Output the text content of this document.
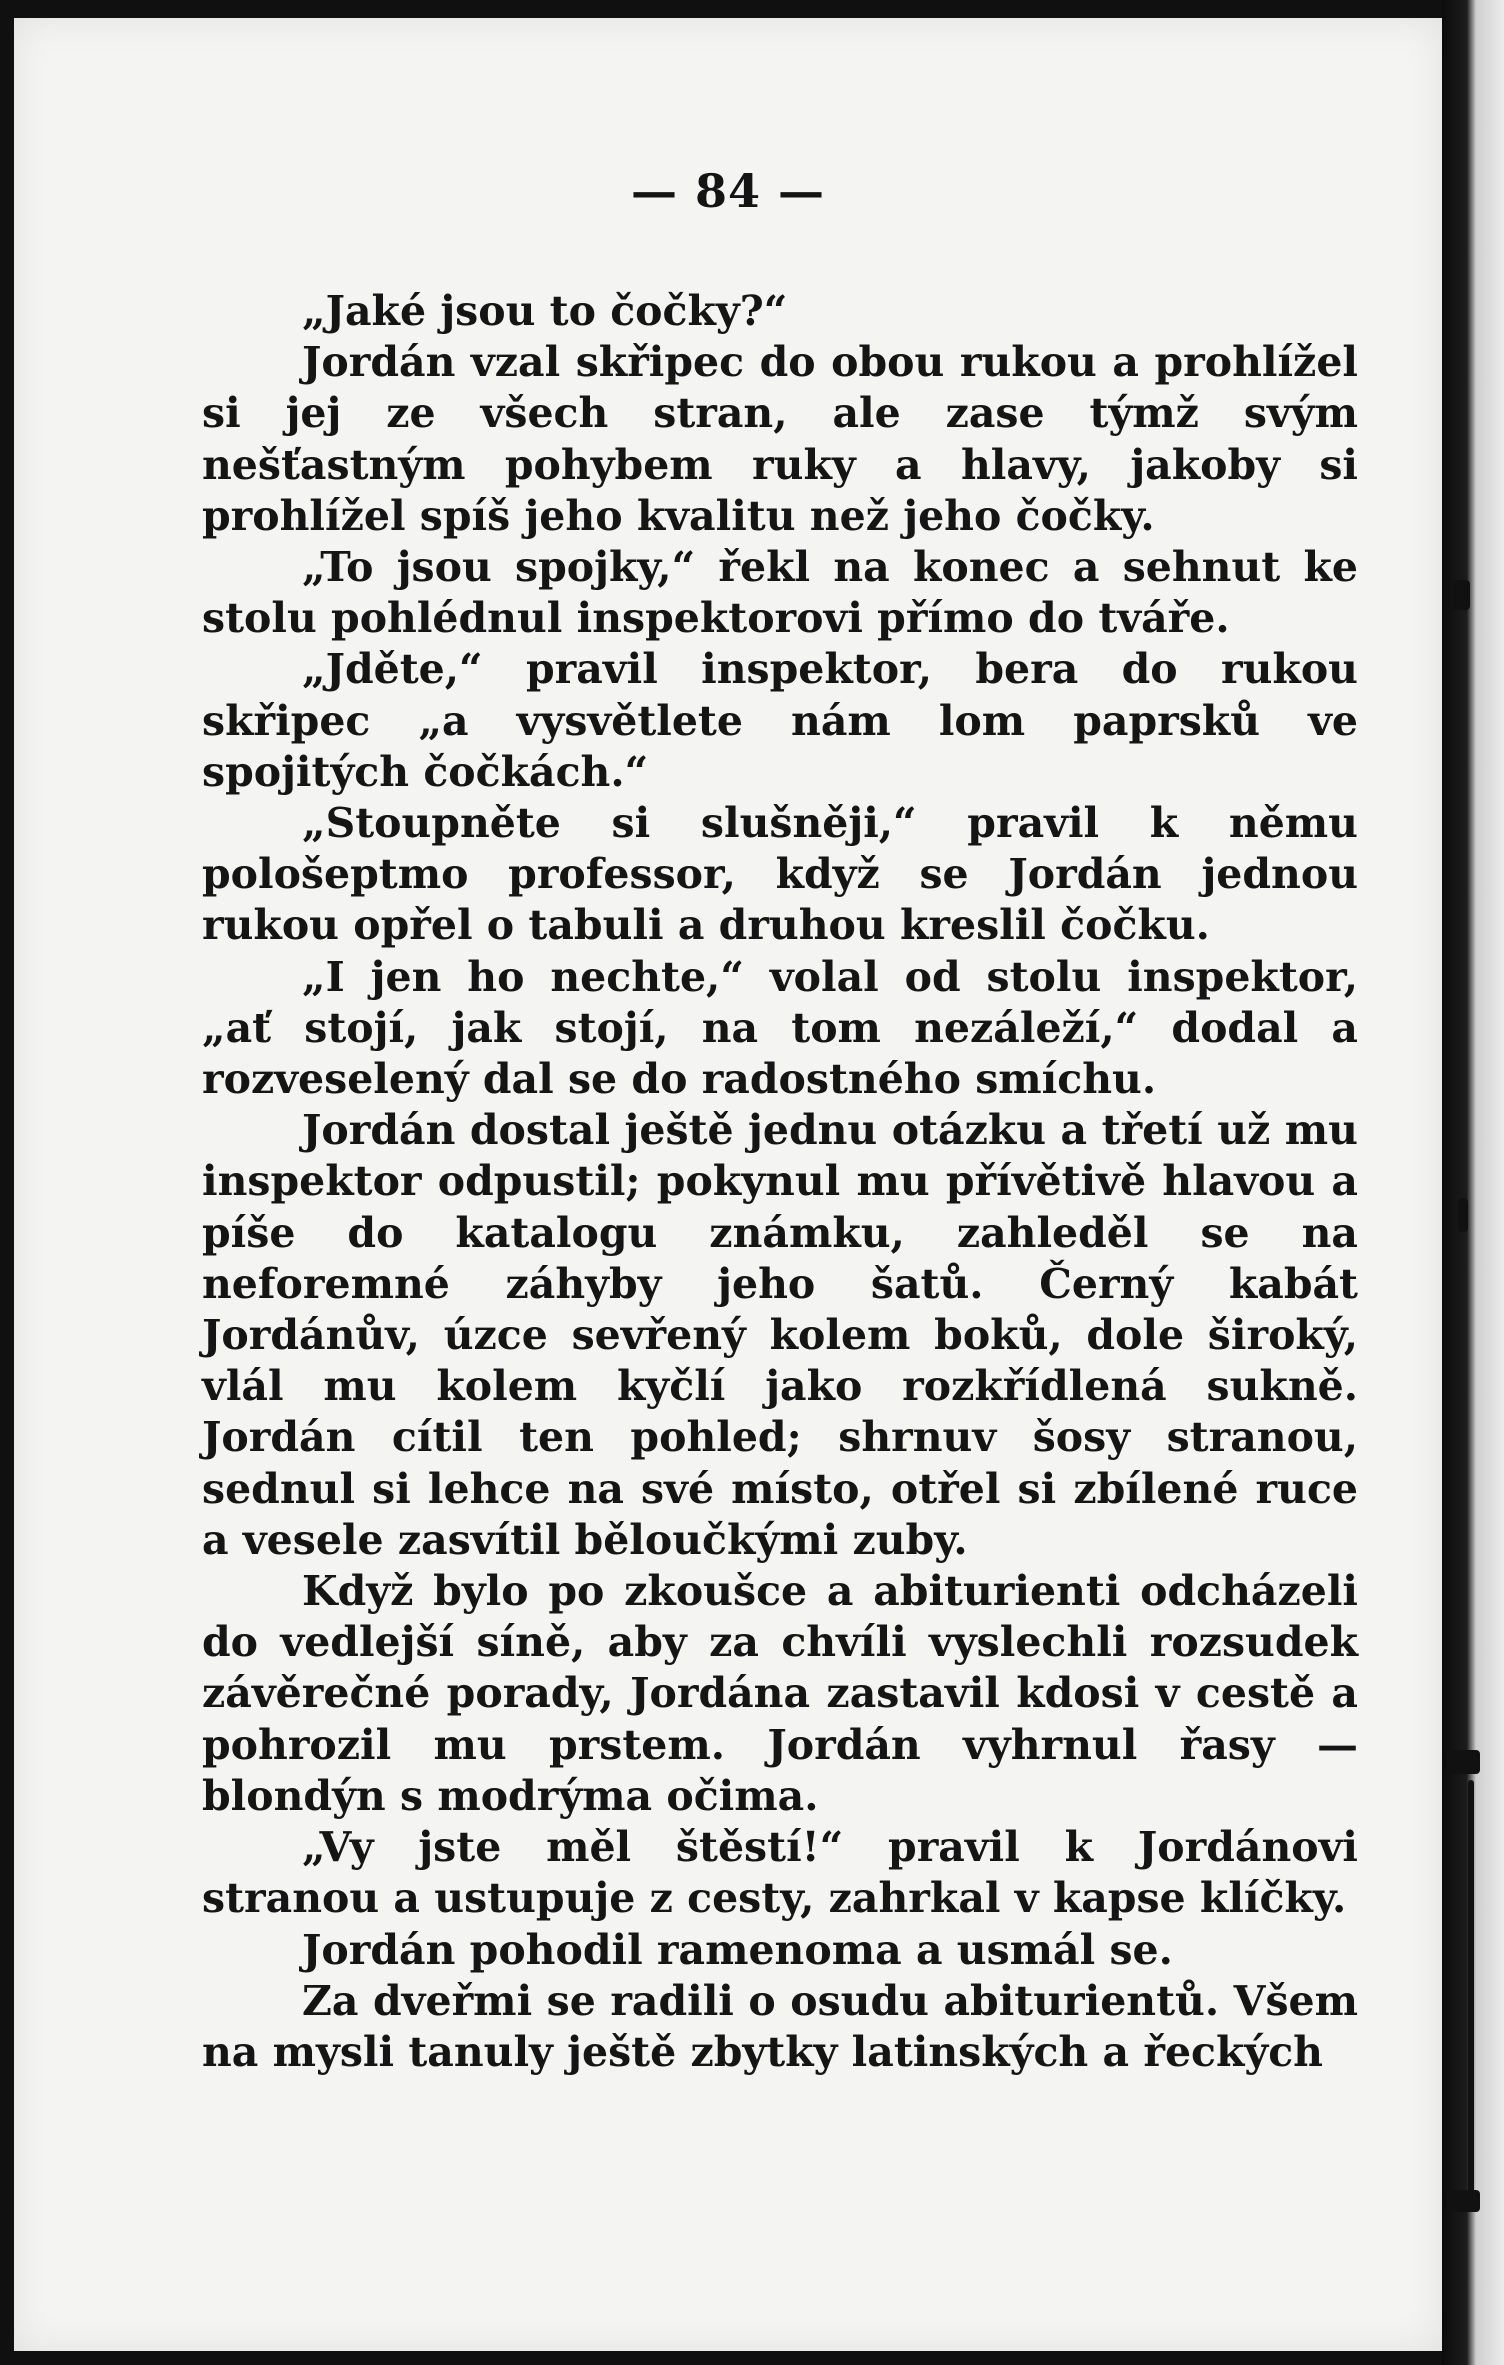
— 84 —

„Jaké jsou to čočky?“

Jordán vzal skřipec do obou rukou a prohlížel si jej ze všech stran, ale zase týmž svým nešťastným pohybem ruky a hlavy, jakoby si prohlížel spíš jeho kvalitu než jeho čočky.

„To jsou spojky,“ řekl na konec a sehnut ke stolu pohlédnul inspektorovi přímo do tváře.

„Jděte,“ pravil inspektor, bera do rukou skřipec „a vysvětlete nám lom paprsků ve spojitých čočkách.“

„Stoupněte si slušněji,“ pravil k němu pološeptmo professor, když se Jordán jednou rukou opřel o tabuli a druhou kreslil čočku.

„I jen ho nechte,“ volal od stolu inspektor, „ať stojí, jak stojí, na tom nezáleží,“ dodal a rozveselený dal se do radostného smíchu.

Jordán dostal ještě jednu otázku a třetí už mu inspektor odpustil; pokynul mu přívětivě hlavou a píše do katalogu známku, zahleděl se na neforemné záhyby jeho šatů. Černý kabát Jordánův, úzce sevřený kolem boků, dole široký, vlál mu kolem kyčlí jako rozkřídlená sukně. Jordán cítil ten pohled; shrnuv šosy stranou, sednul si lehce na své místo, otřel si zbílené ruce a vesele zasvítil běloučkými zuby.

Když bylo po zkoušce a abiturienti odcházeli do vedlejší síně, aby za chvíli vyslechli rozsudek závěrečné porady, Jordána zastavil kdosi v cestě a pohrozil mu prstem. Jordán vyhrnul řasy — blondýn s modrýma očima.

„Vy jste měl štěstí!“ pravil k Jordánovi stranou a ustupuje z cesty, zahrkal v kapse klíčky.

Jordán pohodil ramenoma a usmál se.

Za dveřmi se radili o osudu abiturientů. Všem na mysli tanuly ještě zbytky latinských a řeckých
